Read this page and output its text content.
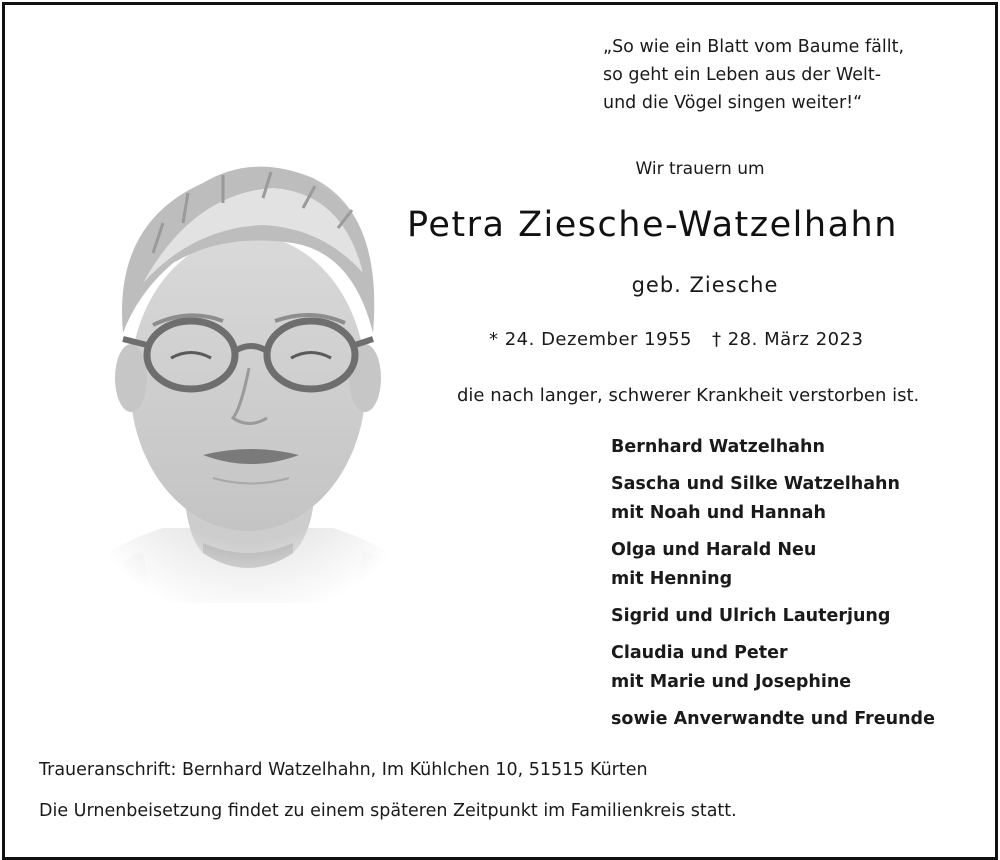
„So wie ein Blatt vom Baume fällt,
so geht ein Leben aus der Welt-
und die Vögel singen weiter!“
Wir trauern um
Petra Ziesche-Watzelhahn
geb. Ziesche
* 24. Dezember 1955 † 28. März 2023
die nach langer, schwerer Krankheit verstorben ist.
Bernhard Watzelhahn
Sascha und Silke Watzelhahn
mit Noah und Hannah
Olga und Harald Neu
mit Henning
Sigrid und Ulrich Lauterjung
Claudia und Peter
mit Marie und Josephine
sowie Anverwandte und Freunde
Traueranschrift: Bernhard Watzelhahn, Im Kühlchen 10, 51515 Kürten
Die Urnenbeisetzung findet zu einem späteren Zeitpunkt im Familienkreis statt.
